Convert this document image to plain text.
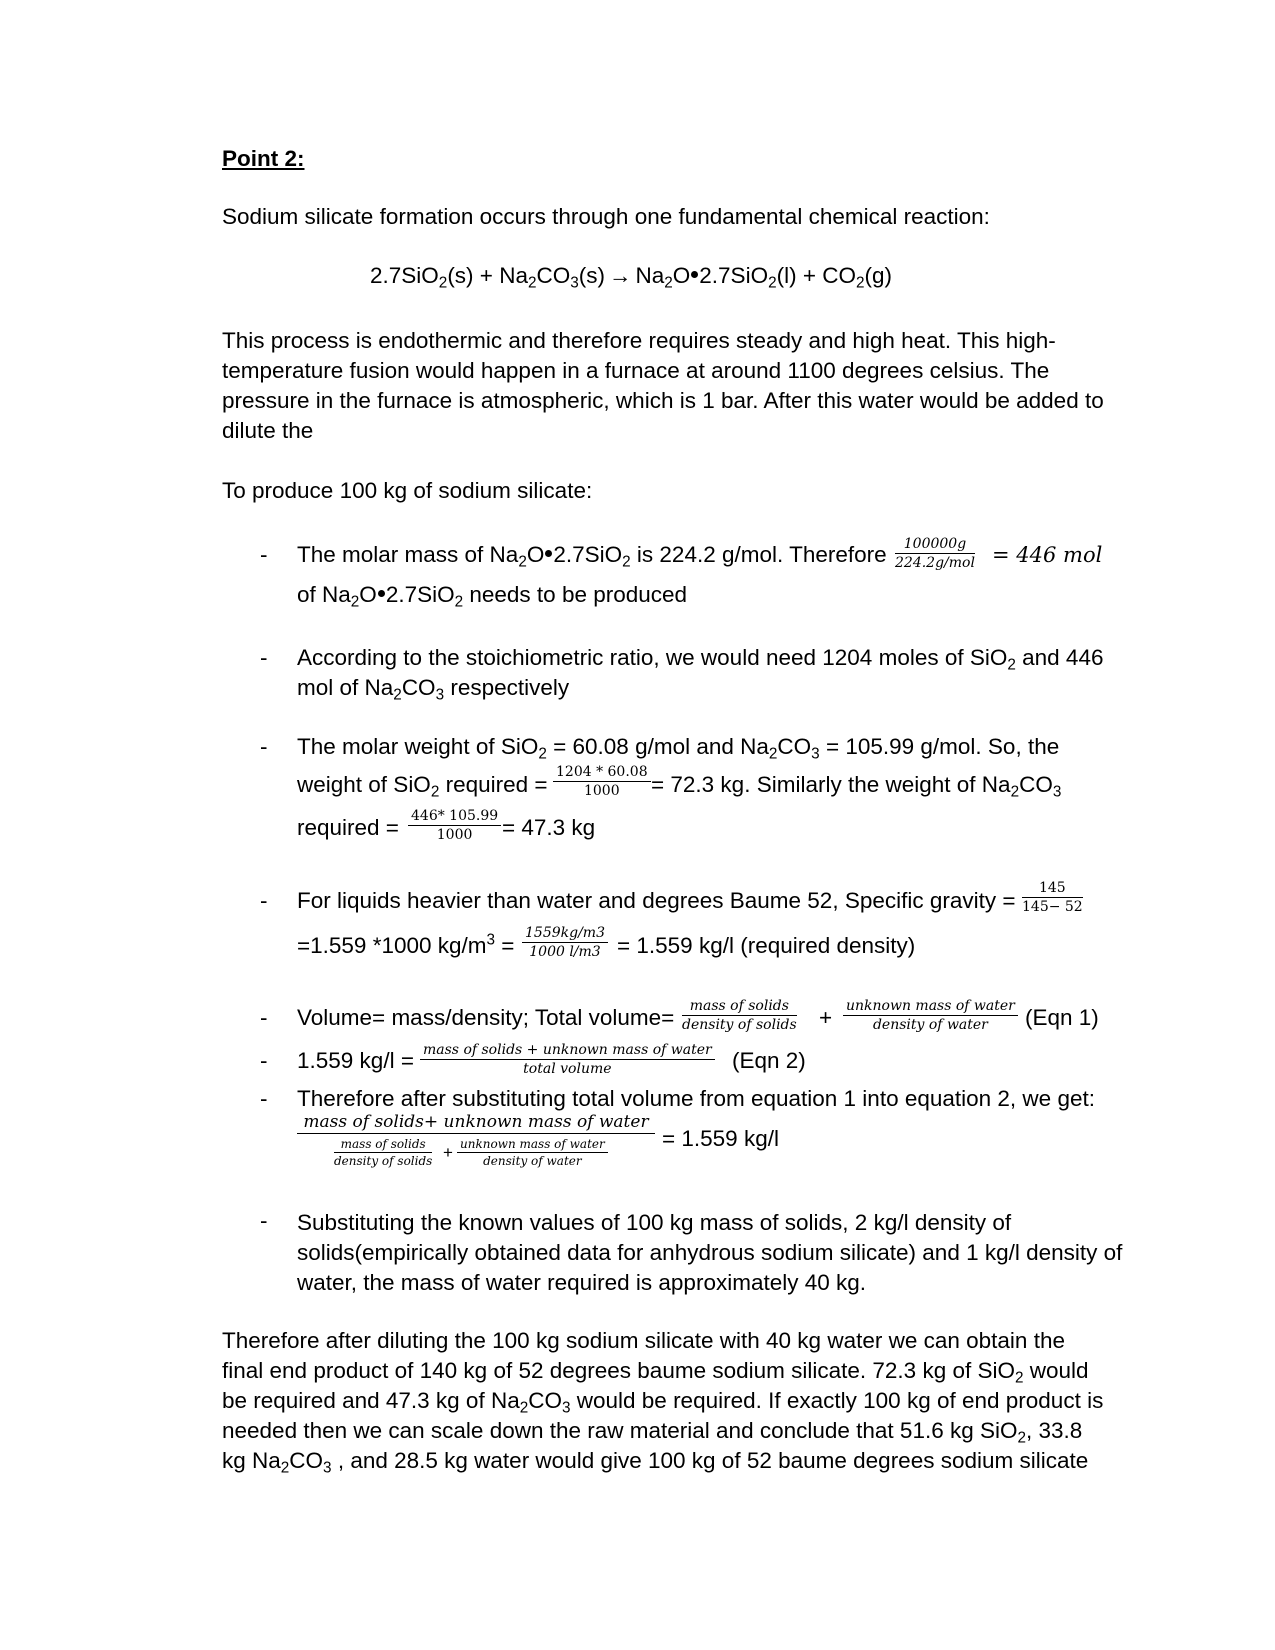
Point 2:
Sodium silicate formation occurs through one fundamental chemical reaction:
$2.7SiO_2(s) + Na_2CO_3(s) \to Na_2O$ $2.7SiO_2(l) + CO_2(g)$
This process is endothermic and therefore requires steady and high heat. This high-temperature fusion would happen in a furnace at around 1100 degrees celsius. The pressure in the furnace is atmospheric, which is 1 bar. After this water would be added to dilute the
To produce 100 kg of sodium silicate:
- The molar mass of $Na_2O$ 2.7SiO$_2$ is 224.2 g/mol. Therefore	100000g
224.2g/mol = 446 mol
of $Na_2O$ 2.7SiO$_2$ needs to be produced
- According to the stoichiometric ratio, we would need 1204 moles of SiO$_2$ and 446
mol of $Na_2CO_3$ respectively
- The molar weight of SiO$_2$ = 60.08 g/mol and $Na_2CO_3 = 105.99$ g/mol. So, the
weight of SiO$_2$ required = $\frac{1204 * 60.08}{1000} = 72.3$ kg. Similarly the weight of $Na_2CO_3$
required = $\frac{446* 105.99}{1000} = 47.3$ kg
- For liquids heavier than water and degrees Baume 52, Specific gravity = $\frac{145}{145- 52}$
=1.559 *1000 $kg/m^3 = \frac{1559kg/m3}{1000 l/m3} = 1.559$ kg/l (required density)
- Volume= mass/density; Total volume=	mass of solids
density of solids + unknown mass of water
density of water	(Eqn 1)
- 1.559 kg/l = mass of solids + unknown mass of water
total volume	(Eqn 2)
- Therefore after substituting total volume from equation 1 into equation 2, we get:
mass of solids+ unknown mass of water
mass of solids
density of solids + unknown mass of water
density of water
= 1.559 kg/l
- Substituting the known values of 100 kg mass of solids, 2 kg/l density of solids(empirically obtained data for anhydrous sodium silicate) and 1 kg/l density of water, the mass of water required is approximately 40 kg.
Therefore after diluting the 100 kg sodium silicate with 40 kg water we can obtain the final end product of 140 kg of 52 degrees baume sodium silicate. 72.3 kg of SiO$_2$ would be required and 47.3 kg of $Na_2CO_3$ would be required. If exactly 100 kg of end product is needed then we can scale down the raw material and conclude that 51.6 kg SiO$_2$, 33.8 kg $Na_2CO_3$ , and 28.5 kg water would give 100 kg of 52 baume degrees sodium silicate
